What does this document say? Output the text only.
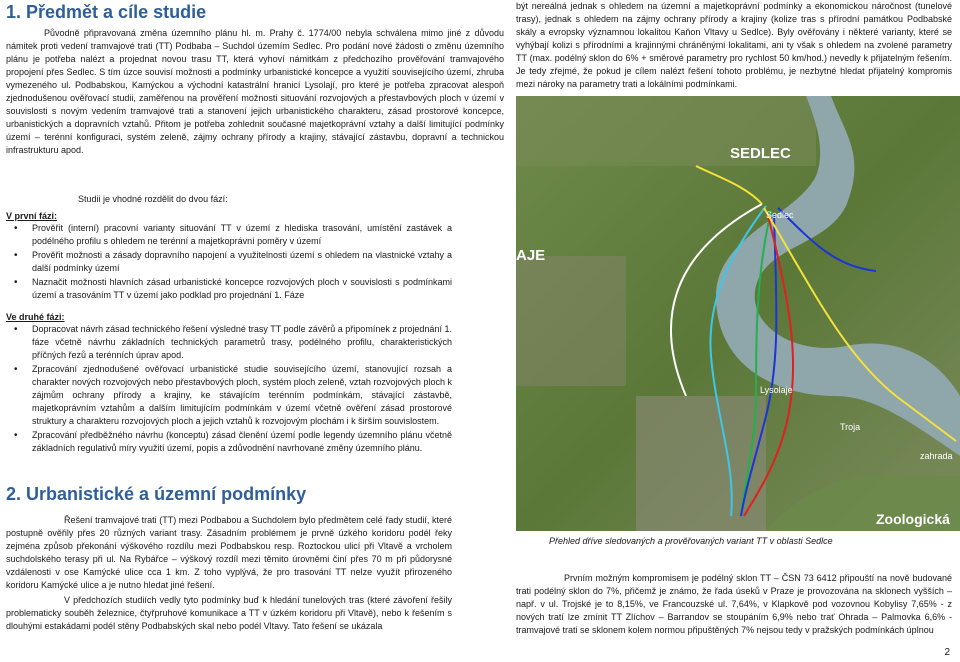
1. Předmět a cíle studie

Původně připravovaná změna územního plánu hl. m. Prahy č. 1774/00 nebyla schválena mimo jiné z důvodu námitek proti vedení tramvajové trati (TT) Podbaba – Suchdol územím Sedlec. Pro podání nové žádosti o změnu územního plánu je potřeba nalézt a projednat novou trasu TT, která vyhoví námitkám z předchozího prověřování tramvajového propojení přes Sedlec. S tím úzce souvisí možnosti a podmínky urbanistické koncepce a využití souvisejícího území, zhruba vymezeného ul. Podbabskou, Kamýckou a východní katastrální hranicí Lysolají, pro které je potřeba zpracovat alespoň zjednodušenou ověřovací studii, zaměřenou na prověření možnosti situování rozvojových a přestavbových ploch v území v souvislosti s novým vedením tramvajové trati a stanovení jejich urbanistického charakteru, zásad prostorové koncepce, urbanistických a dopravních vztahů. Přitom je potřeba zohlednit současné majetkoprávní vztahy a další limitující podmínky území – terénní konfiguraci, systém zeleně, zájmy ochrany přírody a krajiny, stávající zástavbu, dopravní a technickou infrastrukturu apod.

Studii je vhodné rozdělit do dvou fází:

V první fázi:
• Prověřit (interní) pracovní varianty situování TT v území z hlediska trasování, umístění zastávek a podélného profilu s ohledem ne terénní a majetkoprávní poměry v území
• Prověřit možnosti a zásady dopravního napojení a využitelnosti území s ohledem na vlastnické vztahy a další podmínky území
• Naznačit možnosti hlavních zásad urbanistické koncepce rozvojových ploch v souvislosti s podmínkami území a trasováním TT v území jako podklad pro projednání 1. Fáze
Ve druhé fázi:
• Dopracovat návrh zásad technického řešení výsledné trasy TT podle závěrů a připomínek z projednání 1. fáze včetně návrhu základních technických parametrů trasy, podélného profilu, charakteristických příčných řezů a terénních úprav apod.
• Zpracování zjednodušené ověřovací urbanistické studie souvisejícího území, stanovující rozsah a charakter nových rozvojových nebo přestavbových ploch, systém ploch zeleně, vztah rozvojových ploch k zájmům ochrany přírody a krajiny, ke stávajícím terénním podmínkám, stávající zástavbě, majetkoprávním vztahům a dalším limitujícím podmínkám v území včetně ověření zásad prostorové struktury a charakteru rozvojových ploch a jejich vztahů k rozvojovým plochám i k širším souvislostem.
• Zpracování předběžného návrhu (konceptu) zásad členění území podle legendy územního plánu včetně základních regulativů míry využití území, popis a zdůvodnění navrhované změny územního plánu.
2. Urbanistické a územní podmínky

Řešení tramvajové trati (TT) mezi Podbabou a Suchdolem bylo předmětem celé řady studií, které postupně ověřily přes 20 různých variant trasy. Zásadním problémem je prvně úzkého koridoru podél řeky zejména způsob překonání výškového rozdílu mezi Podbabskou resp. Roztockou ulicí při Vltavě a vrcholem suchdolského terasy při ul. Na Rybářce – výškový rozdíl mezi těmito úrovněmi činí přes 70 m při půdorysné vzdálenosti v ose Kamýcké ulice cca 1 km. Z toho vyplývá, že pro trasování TT nelze využít přirozeného koridoru Kamýcké ulice a je nutno hledat jiné řešení.

V předchozích studiích vedly tyto podmínky buď k hledání tunelových tras (které závoření řešily problematicky souběh železnice, čtyřpruhové komunikace a TT v úzkém koridoru při Vltavě), nebo k řešením s dlouhými estakádami podél stěny Podbabských skal nebo podél Vltavy. Tato řešení se ukázala

být nereálná jednak s ohledem na územní a majetkoprávní podmínky a ekonomickou náročnost (tunelové trasy), jednak s ohledem na zájmy ochrany přírody a krajiny (kolize tras s přírodní památkou Podbabské skály a evropsky významnou lokalitou Kaňon Vltavy u Sedlce). Byly ověřovány i některé varianty, které se vyhýbají kolizi s přírodními a krajinnými chráněnými lokalitami, ani ty však s ohledem na zvolené parametry TT (max. podélný sklon do 6% + směrové parametry pro rychlost 50 km/hod.) nevedly k přijatelným řešením. Je tedy zřejmé, že pokud je cílem nalézt řešení tohoto problému, je nezbytné hledat přijatelný kompromis mezi nároky na parametry trati a lokálními podmínkami.

SEDLEC
Sedlec
AJE
Lysolaje
Troja
zahrada
Zoologická
Přehled dříve sledovaných a prověřovaných variant TT v oblasti Sedlce

Prvním možným kompromisem je podélný sklon TT – ČSN 73 6412 připouští na nově budované trati podélný sklon do 7%, přičemž je známo, že řada úseků v Praze je provozována na sklonech vyšších – např. v ul. Trojské je to 8,15%, ve Francouzské ul. 7,64%, v Klapkově pod vozovnou Kobylisy 7,65% - z nových tratí lze zmínit TT Zlíchov – Barrandov se stoupáním 6,9% nebo trať Ohrada – Palmovka 6,6% - tramvajové trati se sklonem kolem normou připuštěných 7% nejsou tedy v pražských podmínkách úplnou

2
